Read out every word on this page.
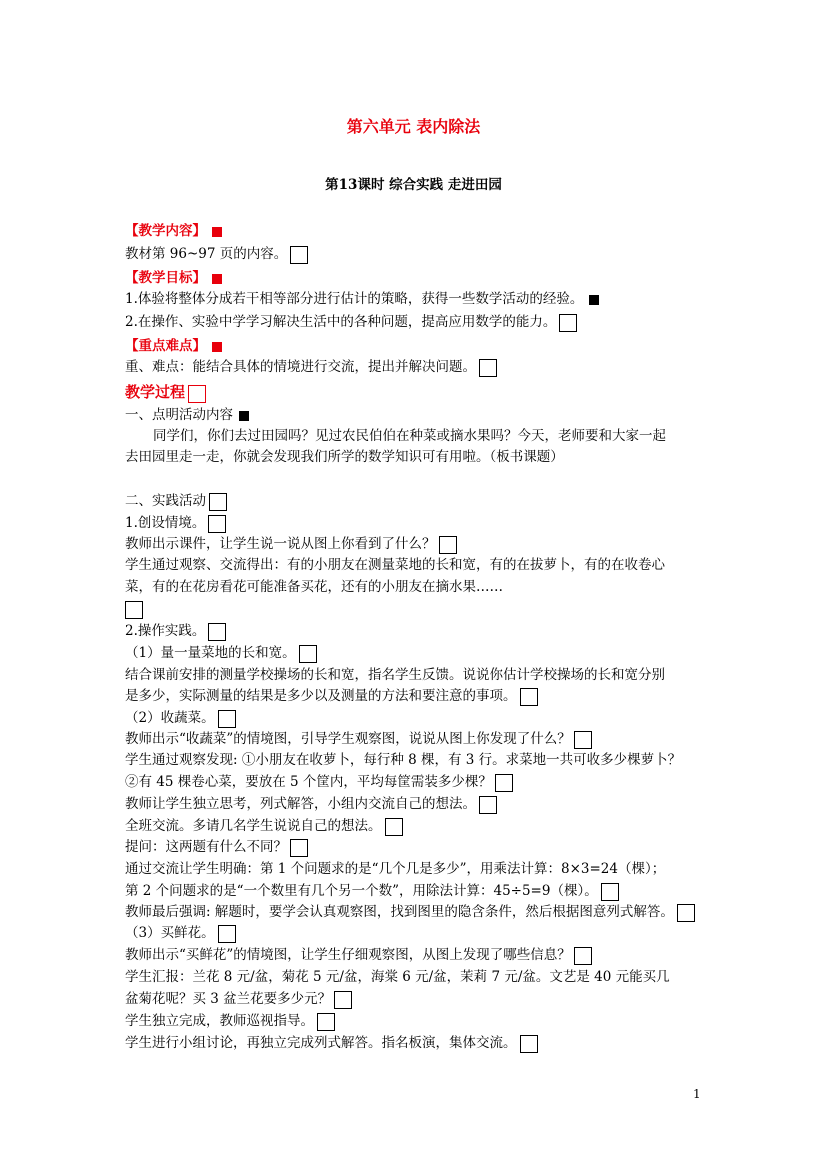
第六单元 表内除法
第13课时 综合实践 走进田园
【教学内容】
教材第 96~97 页的内容。
【教学目标】
1.体验将整体分成若干相等部分进行估计的策略，获得一些数学活动的经验。
2.在操作、实验中学学习解决生活中的各种问题，提高应用数学的能力。
【重点难点】
重、难点：能结合具体的情境进行交流，提出并解决问题。
教学过程
一、点明活动内容
同学们，你们去过田园吗？见过农民伯伯在种菜或摘水果吗？今天，老师要和大家一起
去田园里走一走，你就会发现我们所学的数学知识可有用啦。（板书课题）
二、实践活动
1.创设情境。
教师出示课件，让学生说一说从图上你看到了什么？
学生通过观察、交流得出：有的小朋友在测量菜地的长和宽，有的在拔萝卜，有的在收卷心
菜，有的在花房看花可能准备买花，还有的小朋友在摘水果……
2.操作实践。
（1）量一量菜地的长和宽。
结合课前安排的测量学校操场的长和宽，指名学生反馈。说说你估计学校操场的长和宽分别
是多少，实际测量的结果是多少以及测量的方法和要注意的事项。
（2）收蔬菜。
教师出示“收蔬菜”的情境图，引导学生观察图，说说从图上你发现了什么？
学生通过观察发现: ①小朋友在收萝卜，每行种 8 棵，有 3 行。求菜地一共可收多少棵萝卜？
②有 45 棵卷心菜，要放在 5 个筐内，平均每筐需装多少棵？
教师让学生独立思考，列式解答，小组内交流自己的想法。
全班交流。多请几名学生说说自己的想法。
提问：这两题有什么不同？
通过交流让学生明确：第 1 个问题求的是“几个几是多少”，用乘法计算：8×3=24（棵）；
第 2 个问题求的是“一个数里有几个另一个数”，用除法计算：45÷5=9（棵）。
教师最后强调: 解题时，要学会认真观察图，找到图里的隐含条件，然后根据图意列式解答。
（3）买鲜花。
教师出示“买鲜花”的情境图，让学生仔细观察图，从图上发现了哪些信息？
学生汇报：兰花 8 元/盆，菊花 5 元/盆，海棠 6 元/盆，茉莉 7 元/盆。文艺是 40 元能买几
盆菊花呢？买 3 盆兰花要多少元？
学生独立完成，教师巡视指导。
学生进行小组讨论，再独立完成列式解答。指名板演，集体交流。
1
